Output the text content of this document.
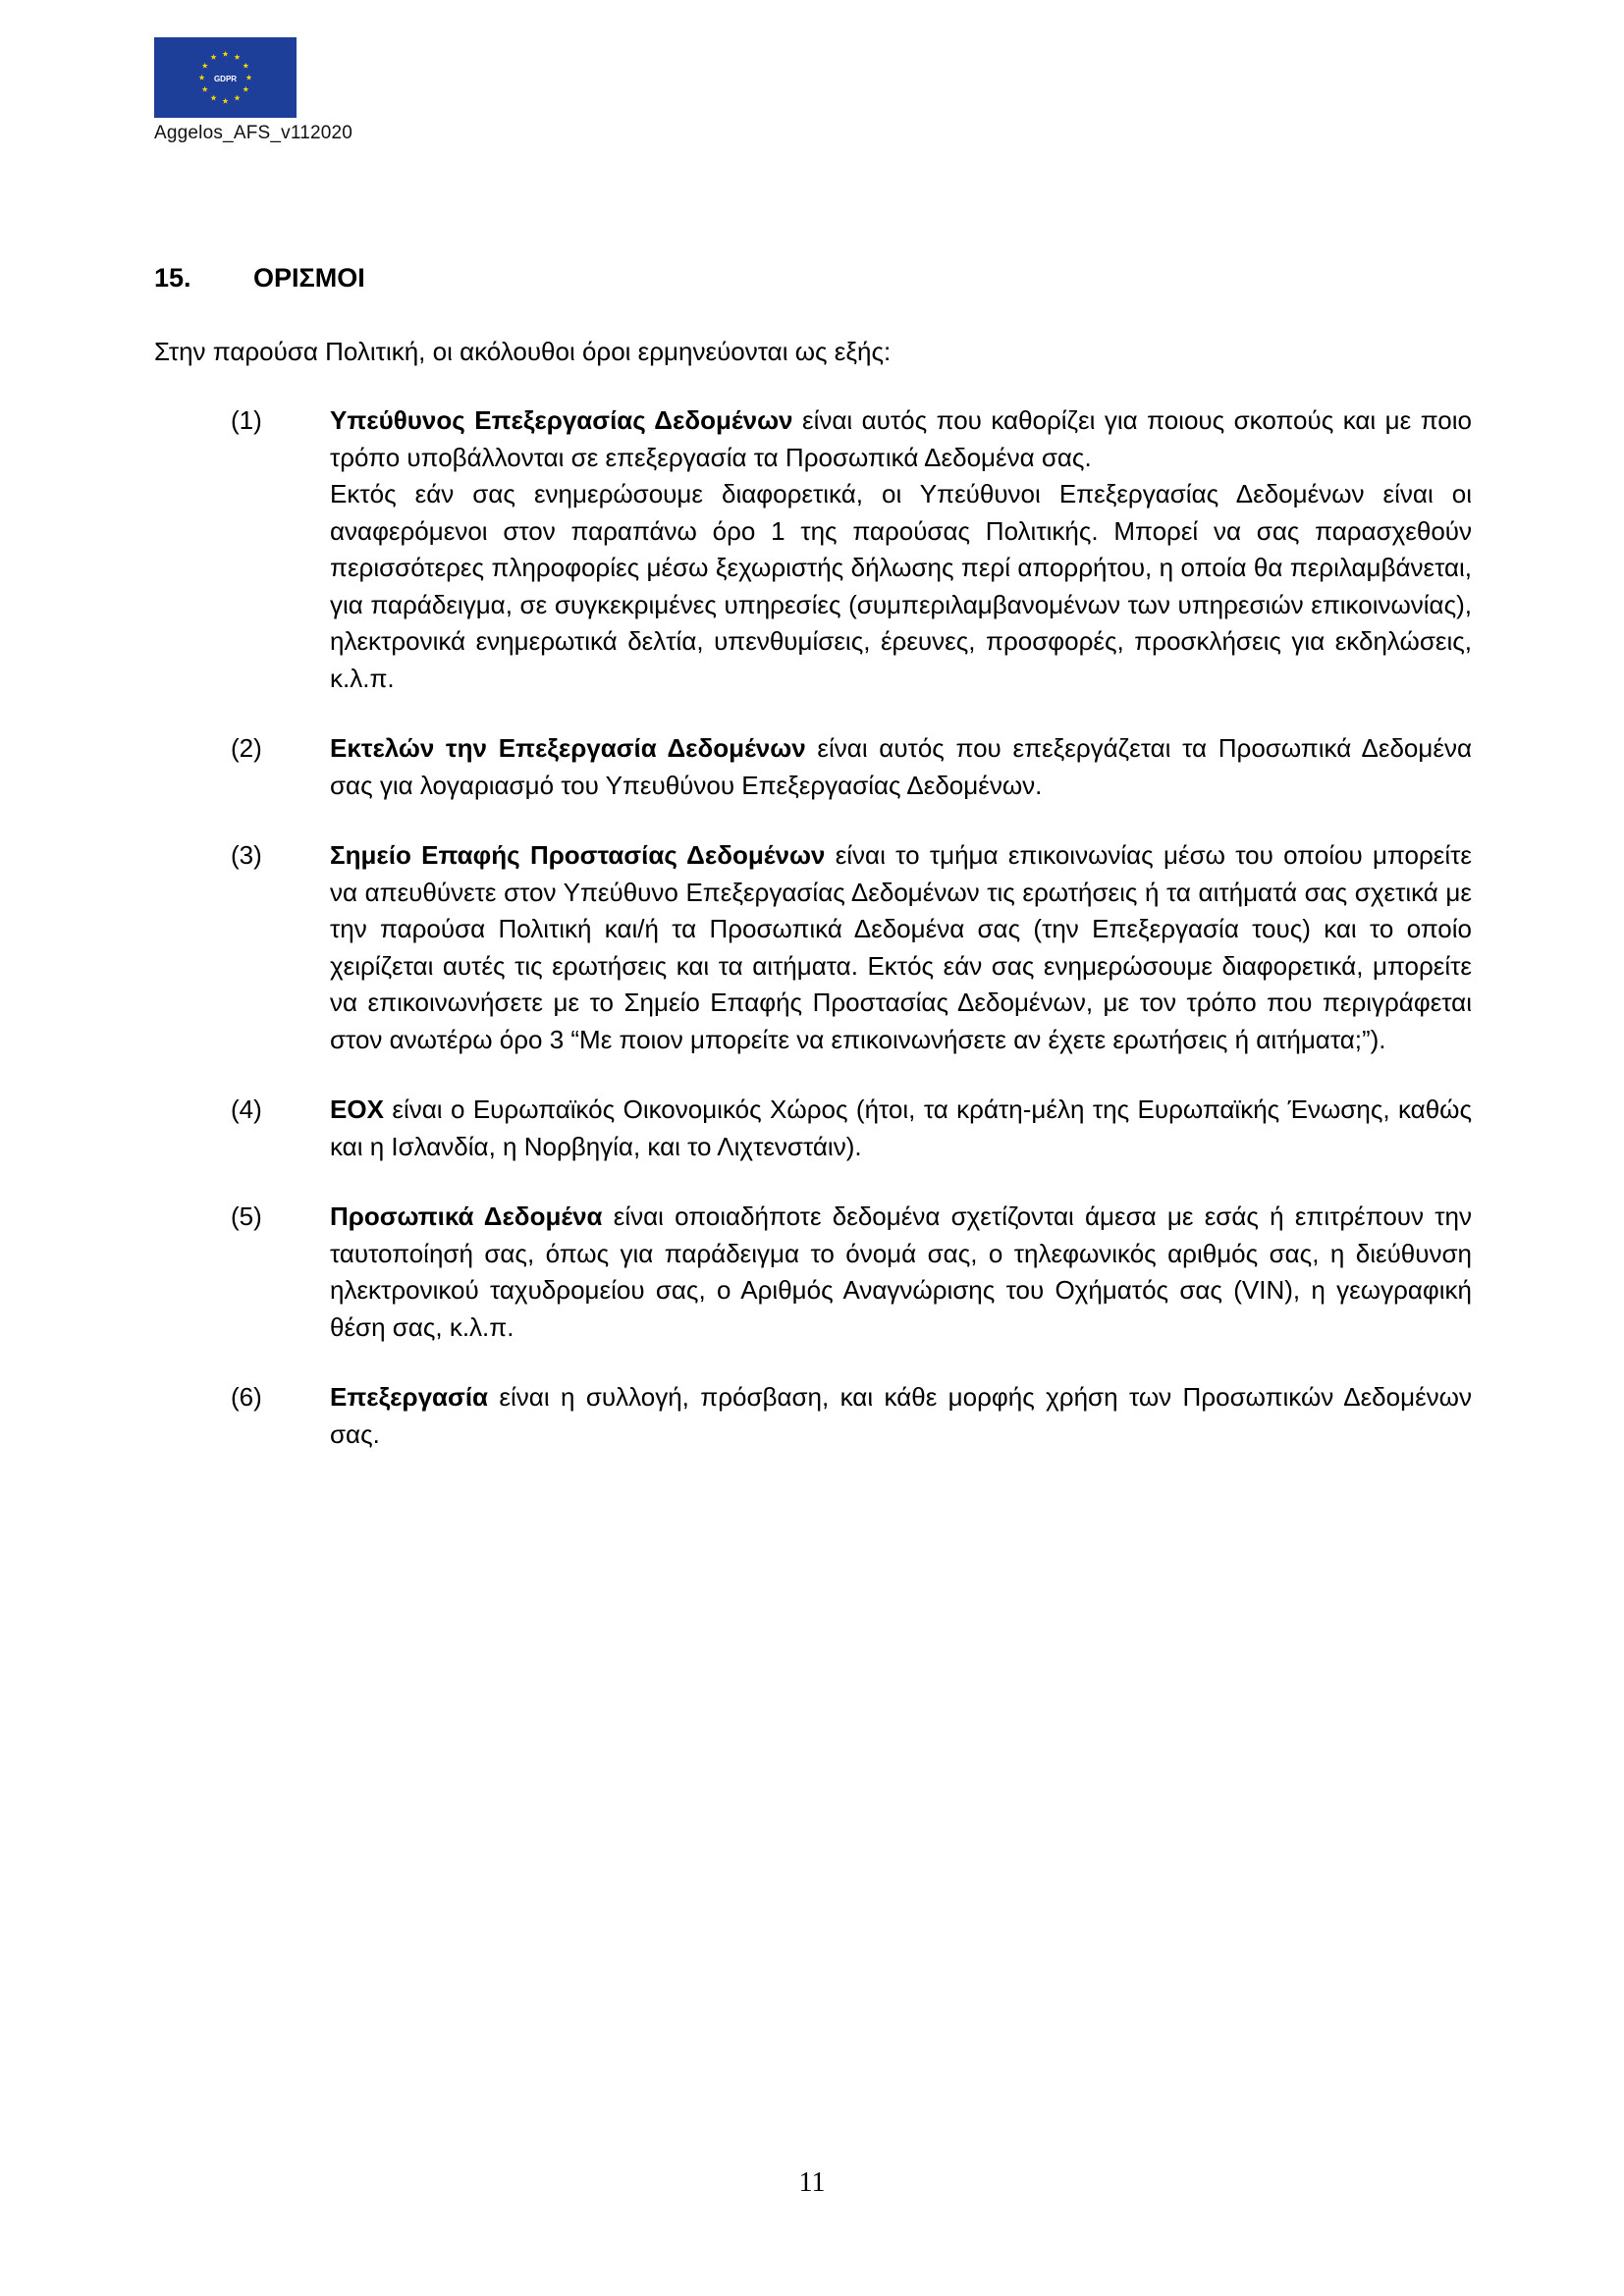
GDPR
Aggelos_AFS_v112020
15.	ΟΡΙΣΜΟΙ
Στην παρούσα Πολιτική, οι ακόλουθοι όροι ερμηνεύονται ως εξής:
(1)	Υπεύθυνος Επεξεργασίας Δεδομένων είναι αυτός που καθορίζει για ποιους σκοπούς και με ποιο τρόπο υποβάλλονται σε επεξεργασία τα Προσωπικά Δεδομένα σας.

Εκτός εάν σας ενημερώσουμε διαφορετικά, οι Υπεύθυνοι Επεξεργασίας Δεδομένων είναι οι αναφερόμενοι στον παραπάνω όρο 1 της παρούσας Πολιτικής. Μπορεί να σας παρασχεθούν περισσότερες πληροφορίες μέσω ξεχωριστής δήλωσης περί απορρήτου, η οποία θα περιλαμβάνεται, για παράδειγμα, σε συγκεκριμένες υπηρεσίες (συμπεριλαμβανομένων των υπηρεσιών επικοινωνίας), ηλεκτρονικά ενημερωτικά δελτία, υπενθυμίσεις, έρευνες, προσφορές, προσκλήσεις για εκδηλώσεις, κ.λ.π.

(2)	Εκτελών την Επεξεργασία Δεδομένων είναι αυτός που επεξεργάζεται τα Προσωπικά Δεδομένα σας για λογαριασμό του Υπευθύνου Επεξεργασίας Δεδομένων.

(3)	Σημείο Επαφής Προστασίας Δεδομένων είναι το τμήμα επικοινωνίας μέσω του οποίου μπορείτε να απευθύνετε στον Υπεύθυνο Επεξεργασίας Δεδομένων τις ερωτήσεις ή τα αιτήματά σας σχετικά με την παρούσα Πολιτική και/ή τα Προσωπικά Δεδομένα σας (την Επεξεργασία τους) και το οποίο χειρίζεται αυτές τις ερωτήσεις και τα αιτήματα. Εκτός εάν σας ενημερώσουμε διαφορετικά, μπορείτε να επικοινωνήσετε με το Σημείο Επαφής Προστασίας Δεδομένων, με τον τρόπο που περιγράφεται στον ανωτέρω όρο 3 “Με ποιον μπορείτε να επικοινωνήσετε αν έχετε ερωτήσεις ή αιτήματα;”).

(4)	ΕΟΧ είναι ο Ευρωπαϊκός Οικονομικός Χώρος (ήτοι, τα κράτη-μέλη της Ευρωπαϊκής Ένωσης, καθώς και η Ισλανδία, η Νορβηγία, και το Λιχτενστάιν).

(5)	Προσωπικά Δεδομένα είναι οποιαδήποτε δεδομένα σχετίζονται άμεσα με εσάς ή επιτρέπουν την ταυτοποίησή σας, όπως για παράδειγμα το όνομά σας, ο τηλεφωνικός αριθμός σας, η διεύθυνση ηλεκτρονικού ταχυδρομείου σας, ο Αριθμός Αναγνώρισης του Οχήματός σας (VIN), η γεωγραφική θέση σας, κ.λ.π.

(6)	Επεξεργασία είναι η συλλογή, πρόσβαση, και κάθε μορφής χρήση των Προσωπικών Δεδομένων σας.

11
